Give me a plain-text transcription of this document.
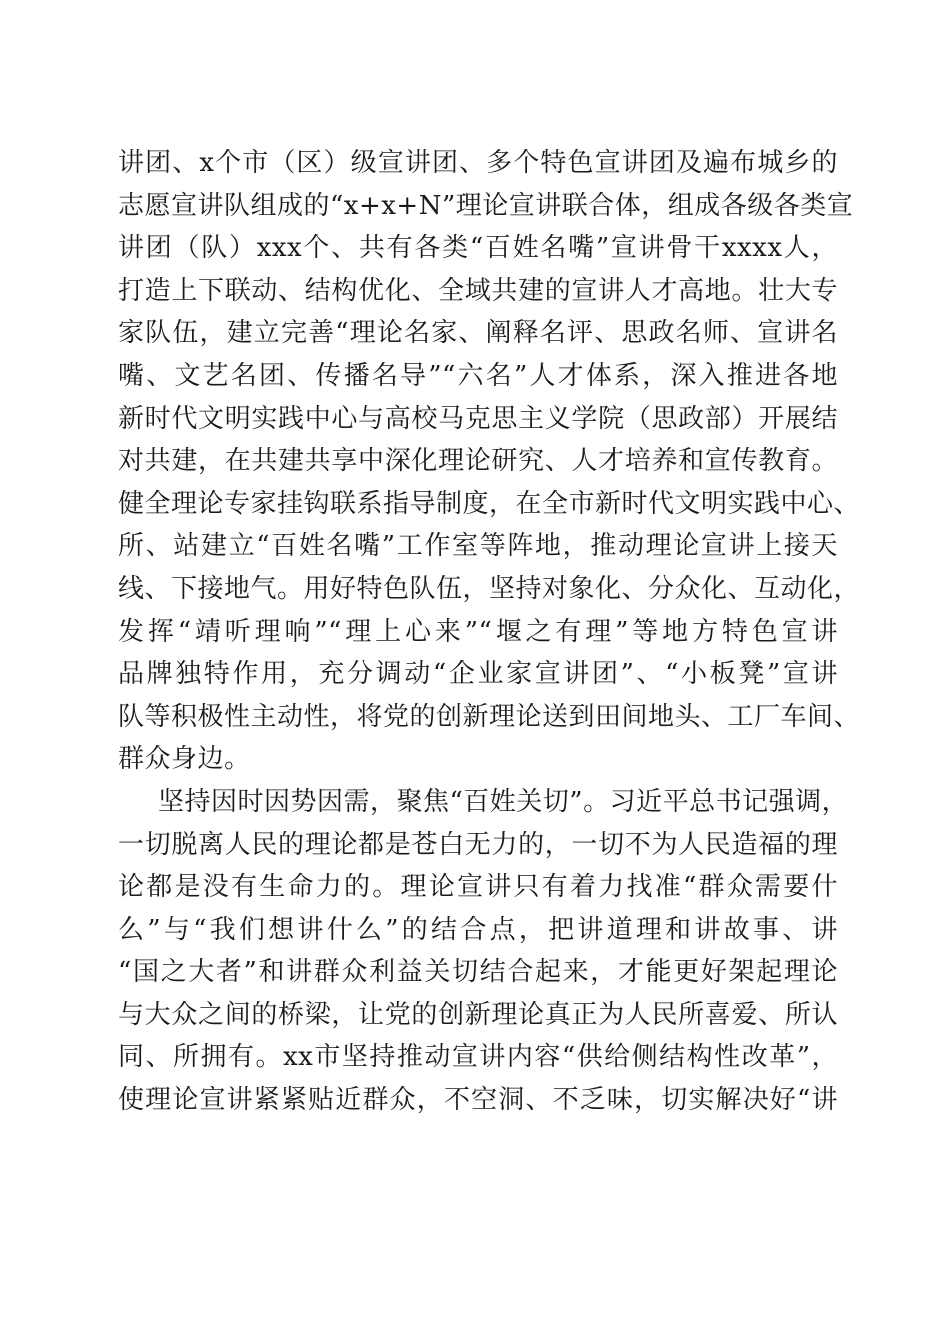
讲团、x个市（区）级宣讲团、多个特色宣讲团及遍布城乡的
志愿宣讲队组成的“x+x+N”理论宣讲联合体，组成各级各类宣
讲团（队）xxx个、共有各类“百姓名嘴”宣讲骨干xxxx人，
打造上下联动、结构优化、全域共建的宣讲人才高地。壮大专
家队伍，建立完善“理论名家、阐释名评、思政名师、宣讲名
嘴、文艺名团、传播名导”“六名”人才体系，深入推进各地
新时代文明实践中心与高校马克思主义学院（思政部）开展结
对共建，在共建共享中深化理论研究、人才培养和宣传教育。
健全理论专家挂钩联系指导制度，在全市新时代文明实践中心、
所、站建立“百姓名嘴”工作室等阵地，推动理论宣讲上接天
线、下接地气。用好特色队伍，坚持对象化、分众化、互动化，
发挥“靖听理响”“理上心来”“堰之有理”等地方特色宣讲
品牌独特作用，充分调动“企业家宣讲团”、“小板凳”宣讲
队等积极性主动性，将党的创新理论送到田间地头、工厂车间、
群众身边。
坚持因时因势因需，聚焦“百姓关切”。习近平总书记强调，
一切脱离人民的理论都是苍白无力的，一切不为人民造福的理
论都是没有生命力的。理论宣讲只有着力找准“群众需要什
么”与“我们想讲什么”的结合点，把讲道理和讲故事、讲
“国之大者”和讲群众利益关切结合起来，才能更好架起理论
与大众之间的桥梁，让党的创新理论真正为人民所喜爱、所认
同、所拥有。xx市坚持推动宣讲内容“供给侧结构性改革”，
使理论宣讲紧紧贴近群众，不空洞、不乏味，切实解决好“讲
